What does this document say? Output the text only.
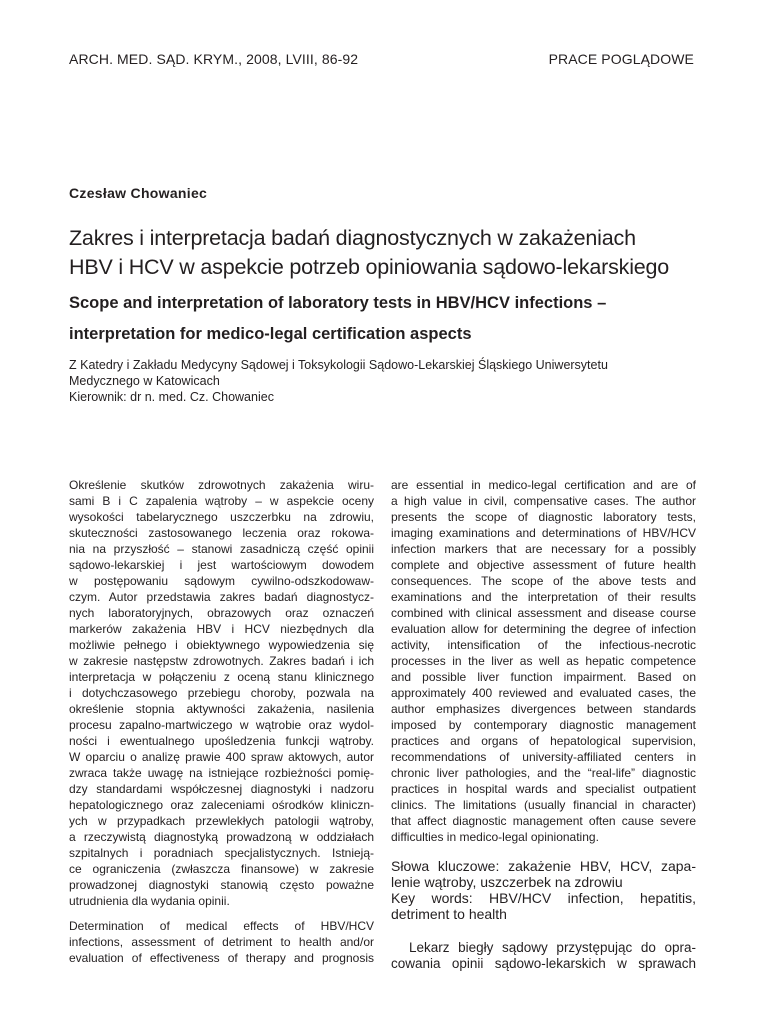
ARCH. MED. SĄD. KRYM., 2008, LVIII, 86-92	PRACE POGLĄDOWE
Czesław Chowaniec
Zakres i interpretacja badań diagnostycznych w zakażeniach
HBV i HCV w aspekcie potrzeb opiniowania sądowo-lekarskiego
Scope and interpretation of laboratory tests in HBV/HCV infections –
interpretation for medico-legal certification aspects
Z Katedry i Zakładu Medycyny Sądowej i Toksykologii Sądowo-Lekarskiej Śląskiego Uniwersytetu
Medycznego w Katowicach
Kierownik: dr n. med. Cz. Chowaniec
Określenie skutków zdrowotnych zakażenia wiru-
sami B i C zapalenia wątroby – w aspekcie oceny
wysokości tabelarycznego uszczerbku na zdrowiu,
skuteczności zastosowanego leczenia oraz rokowa-
nia na przyszłość – stanowi zasadniczą część opinii
sądowo-lekarskiej i jest wartościowym dowodem
w postępowaniu sądowym cywilno-odszkodowaw-
czym. Autor przedstawia zakres badań diagnostycz-
nych laboratoryjnych, obrazowych oraz oznaczeń
markerów zakażenia HBV i HCV niezbędnych dla
możliwie pełnego i obiektywnego wypowiedzenia się
w zakresie następstw zdrowotnych. Zakres badań i ich
interpretacja w połączeniu z oceną stanu klinicznego
i dotychczasowego przebiegu choroby, pozwala na
określenie stopnia aktywności zakażenia, nasilenia
procesu zapalno-martwiczego w wątrobie oraz wydol-
ności i ewentualnego upośledzenia funkcji wątroby.
W oparciu o analizę prawie 400 spraw aktowych, autor
zwraca także uwagę na istniejące rozbieżności pomię-
dzy standardami współczesnej diagnostyki i nadzoru
hepatologicznego oraz zaleceniami ośrodków kliniczn-
ych w przypadkach przewlekłych patologii wątroby,
a rzeczywistą diagnostyką prowadzoną w oddziałach
szpitalnych i poradniach specjalistycznych. Istnieją-
ce ograniczenia (zwłaszcza finansowe) w zakresie
prowadzonej diagnostyki stanowią często poważne
utrudnienia dla wydania opinii.
Determination of medical effects of HBV/HCV
infections, assessment of detriment to health and/or
evaluation of effectiveness of therapy and prognosis
are essential in medico-legal certification and are of
a high value in civil, compensative cases. The author
presents the scope of diagnostic laboratory tests,
imaging examinations and determinations of HBV/HCV
infection markers that are necessary for a possibly
complete and objective assessment of future health
consequences. The scope of the above tests and
examinations and the interpretation of their results
combined with clinical assessment and disease course
evaluation allow for determining the degree of infection
activity, intensification of the infectious-necrotic
processes in the liver as well as hepatic competence
and possible liver function impairment. Based on
approximately 400 reviewed and evaluated cases, the
author emphasizes divergences between standards
imposed by contemporary diagnostic management
practices and organs of hepatological supervision,
recommendations of university-affiliated centers in
chronic liver pathologies, and the “real-life” diagnostic
practices in hospital wards and specialist outpatient
clinics. The limitations (usually financial in character)
that affect diagnostic management often cause severe
difficulties in medico-legal opinionating.
Słowa kluczowe: zakażenie HBV, HCV, zapa-
lenie wątroby, uszczerbek na zdrowiu
Key words: HBV/HCV infection, hepatitis,
detriment to health
Lekarz biegły sądowy przystępując do opra-
cowania opinii sądowo-lekarskich w sprawach
